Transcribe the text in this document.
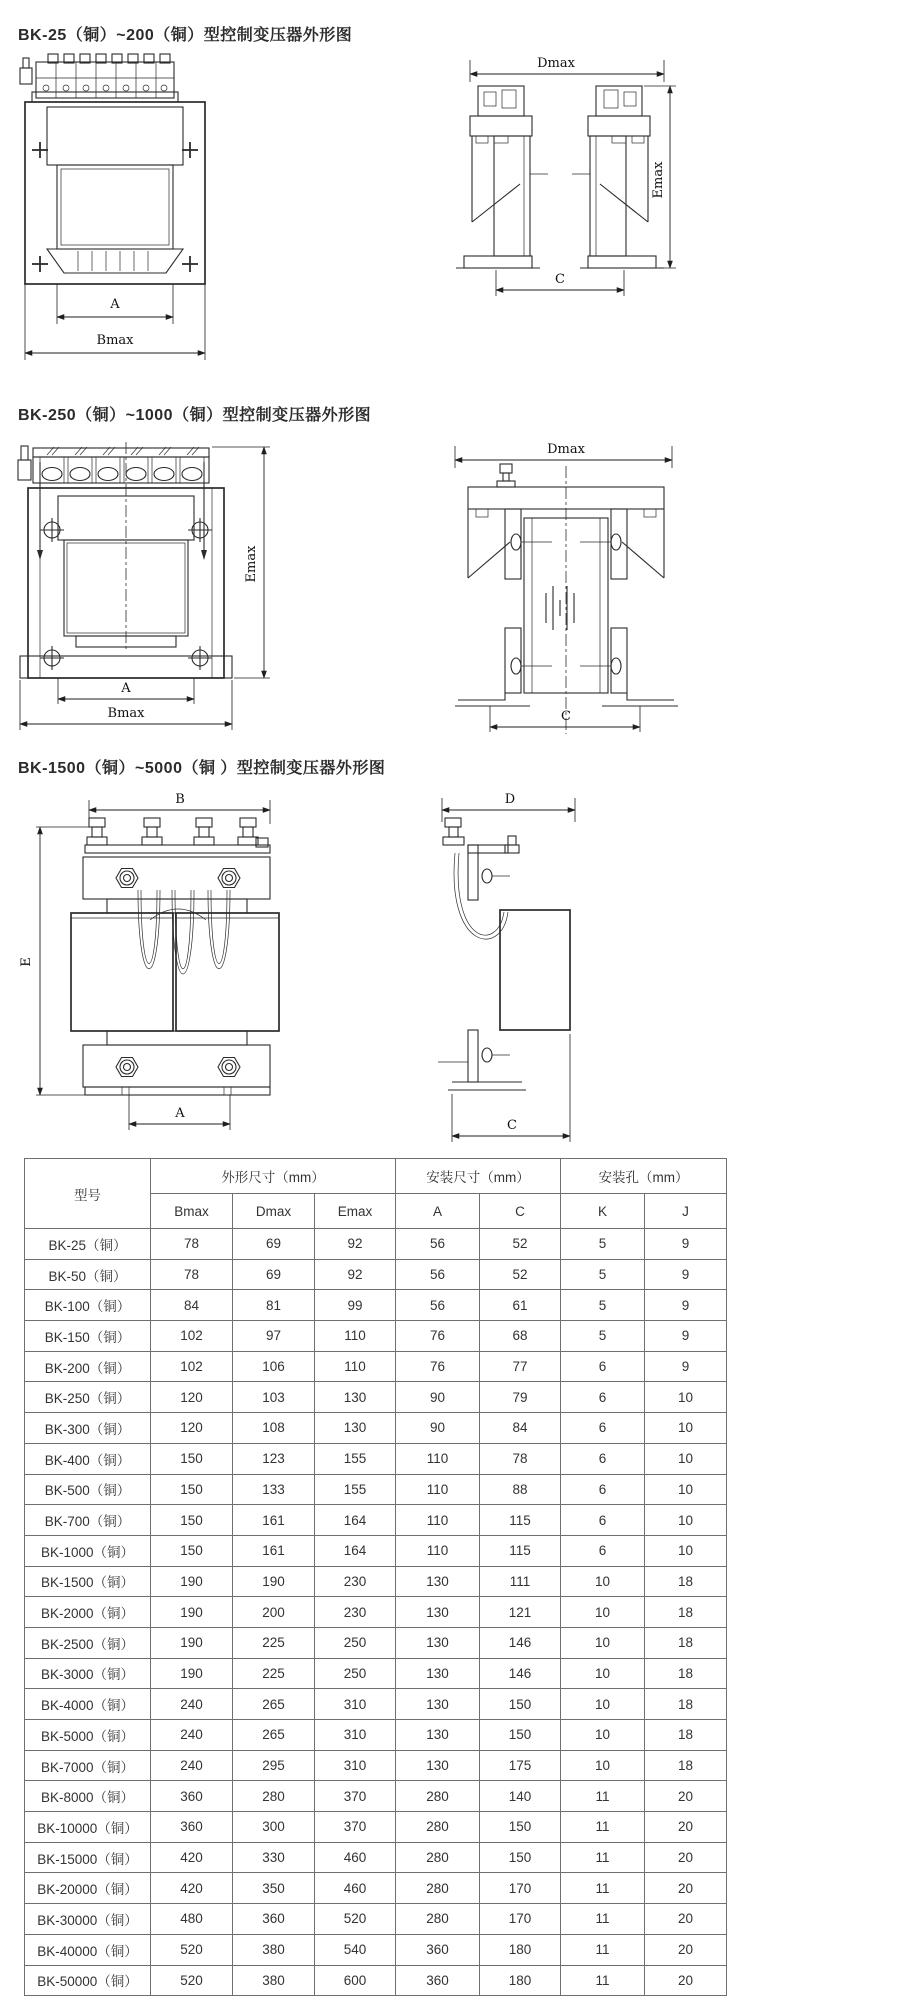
BK-25（铜）~200（铜）型控制变压器外形图
A
Bmax
Dmax
Emax
C
BK-250（铜）~1000（铜）型控制变压器外形图
A
Bmax
Emax
Dmax
C
BK-1500（铜）~5000（铜 ）型控制变压器外形图
B
E
A
D
C
型号	外形尺寸（mm）			安装尺寸（mm）		安装孔（mm）	
	Bmax	Dmax	Emax	A	C	K	J
BK-25（铜）	78	69	92	56	52	5	9
BK-50（铜）	78	69	92	56	52	5	9
BK-100（铜）	84	81	99	56	61	5	9
BK-150（铜）	102	97	110	76	68	5	9
BK-200（铜）	102	106	110	76	77	6	9
BK-250（铜）	120	103	130	90	79	6	10
BK-300（铜）	120	108	130	90	84	6	10
BK-400（铜）	150	123	155	110	78	6	10
BK-500（铜）	150	133	155	110	88	6	10
BK-700（铜）	150	161	164	110	115	6	10
BK-1000（铜）	150	161	164	110	115	6	10
BK-1500（铜）	190	190	230	130	111	10	18
BK-2000（铜）	190	200	230	130	121	10	18
BK-2500（铜）	190	225	250	130	146	10	18
BK-3000（铜）	190	225	250	130	146	10	18
BK-4000（铜）	240	265	310	130	150	10	18
BK-5000（铜）	240	265	310	130	150	10	18
BK-7000（铜）	240	295	310	130	175	10	18
BK-8000（铜）	360	280	370	280	140	11	20
BK-10000（铜）	360	300	370	280	150	11	20
BK-15000（铜）	420	330	460	280	150	11	20
BK-20000（铜）	420	350	460	280	170	11	20
BK-30000（铜）	480	360	520	280	170	11	20
BK-40000（铜）	520	380	540	360	180	11	20
BK-50000（铜）	520	380	600	360	180	11	20
